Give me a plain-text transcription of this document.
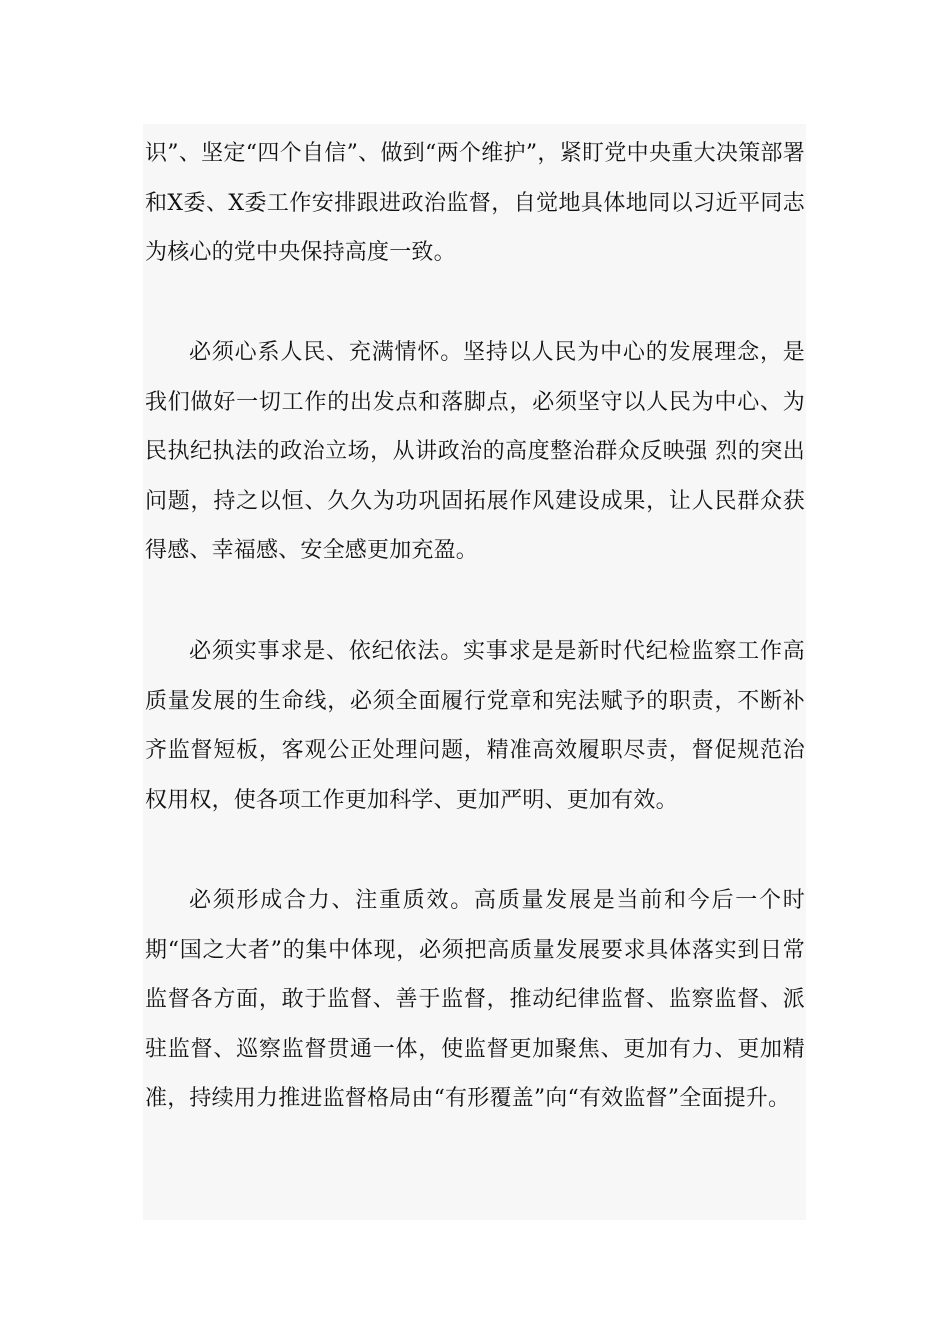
识”、坚定“四个自信”、做到“两个维护”，紧盯党中央重大决策部署和X委、X委工作安排跟进政治监督，自觉地具体地同以习近平同志为核心的党中央保持高度一致。

必须心系人民、充满情怀。坚持以人民为中心的发展理念，是我们做好一切工作的出发点和落脚点，必须坚守以人民为中心、为民执纪执法的政治立场，从讲政治的高度整治群众反映强 烈的突出问题，持之以恒、久久为功巩固拓展作风建设成果，让人民群众获得感、幸福感、安全感更加充盈。

必须实事求是、依纪依法。实事求是是新时代纪检监察工作高质量发展的生命线，必须全面履行党章和宪法赋予的职责，不断补齐监督短板，客观公正处理问题，精准高效履职尽责，督促规范治权用权，使各项工作更加科学、更加严明、更加有效。

必须形成合力、注重质效。高质量发展是当前和今后一个时期“国之大者”的集中体现，必须把高质量发展要求具体落实到日常监督各方面，敢于监督、善于监督，推动纪律监督、监察监督、派驻监督、巡察监督贯通一体，使监督更加聚焦、更加有力、更加精准，持续用力推进监督格局由“有形覆盖”向“有效监督”全面提升。
